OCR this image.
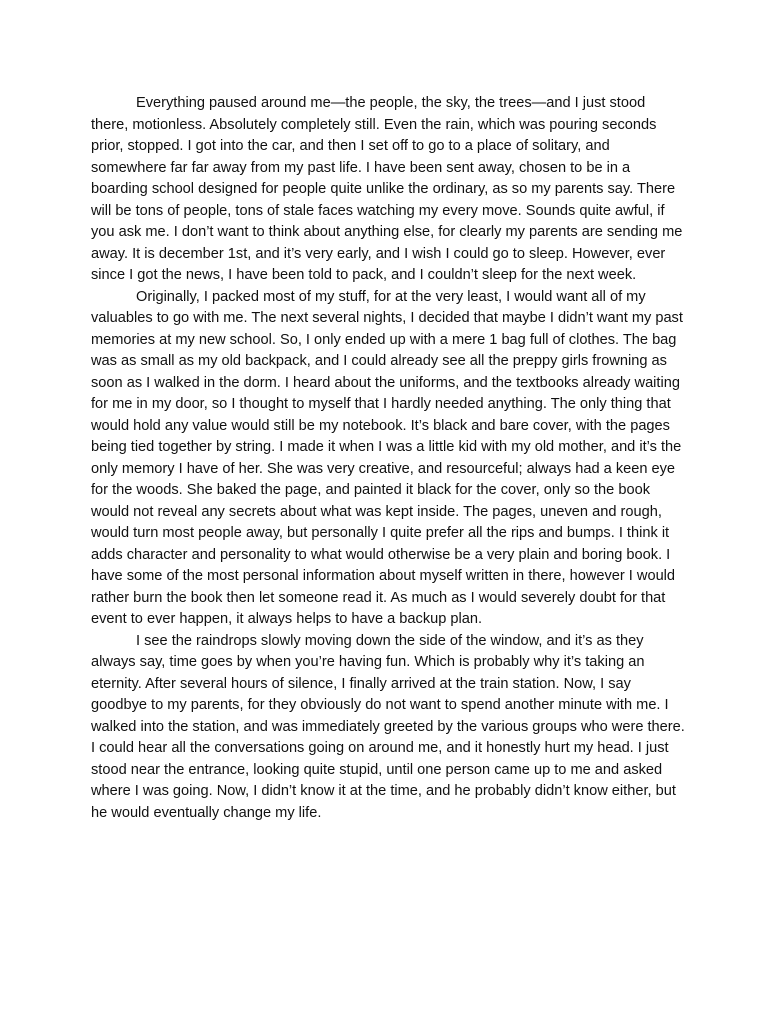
Everything paused around me—the people, the sky, the trees—and I just stood there, motionless. Absolutely completely still. Even the rain, which was pouring seconds prior, stopped. I got into the car, and then I set off to go to a place of solitary, and somewhere far far away from my past life. I have been sent away, chosen to be in a boarding school designed for people quite unlike the ordinary, as so my parents say. There will be tons of people, tons of stale faces watching my every move. Sounds quite awful, if you ask me. I don’t want to think about anything else, for clearly my parents are sending me away. It is december 1st, and it’s very early, and I wish I could go to sleep. However, ever since I got the news, I have been told to pack, and I couldn’t sleep for the next week.

Originally, I packed most of my stuff, for at the very least, I would want all of my valuables to go with me. The next several nights, I decided that maybe I didn’t want my past memories at my new school. So, I only ended up with a mere 1 bag full of clothes. The bag was as small as my old backpack, and I could already see all the preppy girls frowning as soon as I walked in the dorm. I heard about the uniforms, and the textbooks already waiting for me in my door, so I thought to myself that I hardly needed anything. The only thing that would hold any value would still be my notebook. It’s black and bare cover, with the pages being tied together by string. I made it when I was a little kid with my old mother, and it’s the only memory I have of her. She was very creative, and resourceful; always had a keen eye for the woods. She baked the page, and painted it black for the cover, only so the book would not reveal any secrets about what was kept inside. The pages, uneven and rough, would turn most people away, but personally I quite prefer all the rips and bumps. I think it adds character and personality to what would otherwise be a very plain and boring book. I have some of the most personal information about myself written in there, however I would rather burn the book then let someone read it. As much as I would severely doubt for that event to ever happen, it always helps to have a backup plan.

I see the raindrops slowly moving down the side of the window, and it’s as they always say, time goes by when you’re having fun. Which is probably why it’s taking an eternity. After several hours of silence, I finally arrived at the train station. Now, I say goodbye to my parents, for they obviously do not want to spend another minute with me. I walked into the station, and was immediately greeted by the various groups who were there. I could hear all the conversations going on around me, and it honestly hurt my head. I just stood near the entrance, looking quite stupid, until one person came up to me and asked where I was going. Now, I didn’t know it at the time, and he probably didn’t know either, but he would eventually change my life.
